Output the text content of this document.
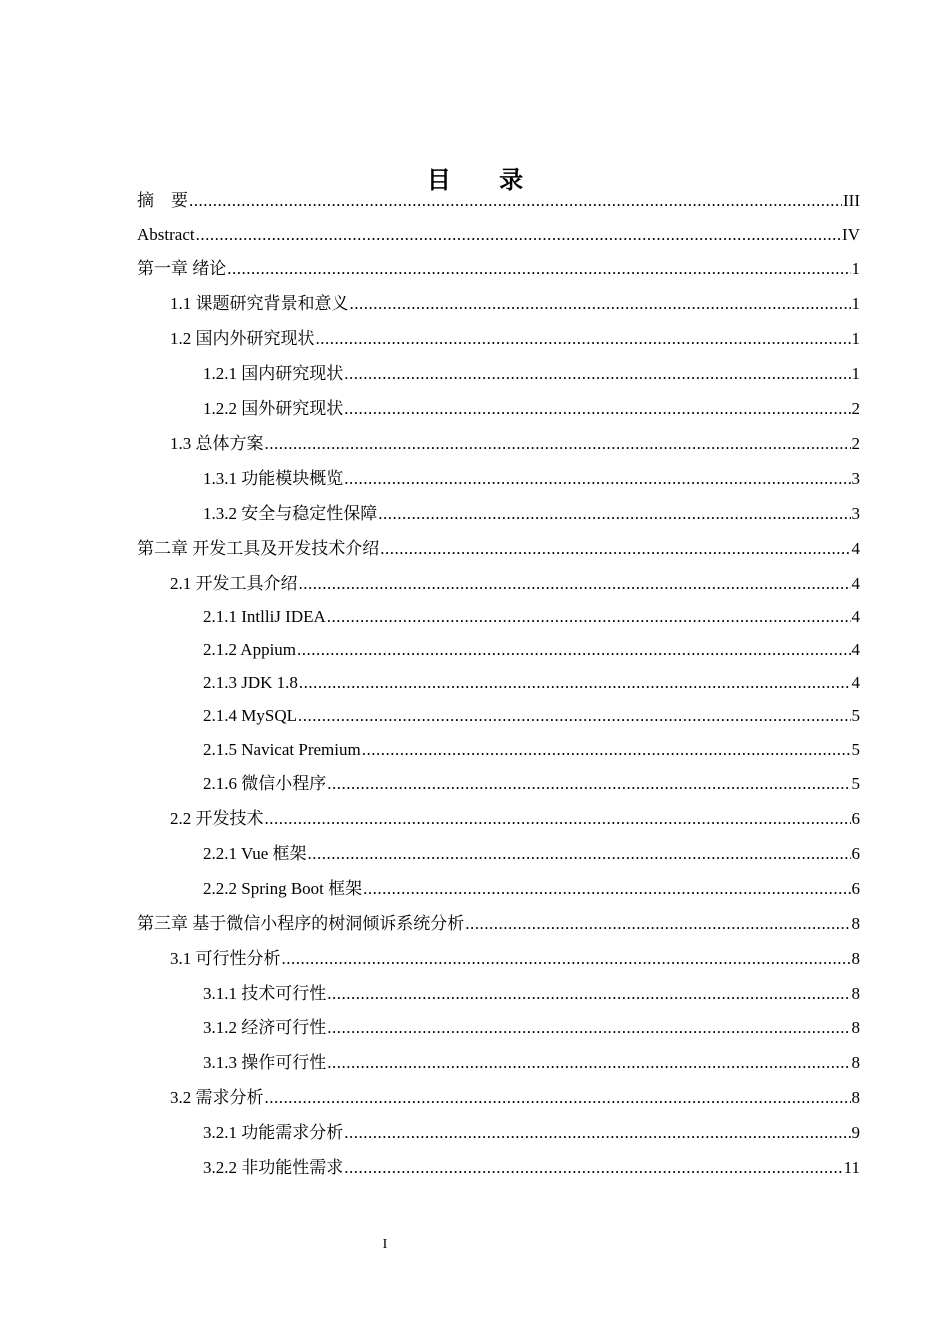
目 录
摘　要 .....	III
Abstract .....	IV
第一章 绪论 .....	1
1.1 课题研究背景和意义 .....	1
1.2 国内外研究现状 .....	1
1.2.1 国内研究现状 .....	1
1.2.2 国外研究现状 .....	2
1.3 总体方案 .....	2
1.3.1 功能模块概览 .....	3
1.3.2 安全与稳定性保障 .....	3
第二章 开发工具及开发技术介绍 .....	4
2.1 开发工具介绍 .....	4
2.1.1 IntlliJ IDEA .....	4
2.1.2 Appium .....	4
2.1.3 JDK 1.8 .....	4
2.1.4 MySQL .....	5
2.1.5 Navicat Premium .....	5
2.1.6 微信小程序 .....	5
2.2 开发技术 .....	6
2.2.1 Vue 框架 .....	6
2.2.2 Spring Boot 框架 .....	6
第三章 基于微信小程序的树洞倾诉系统分析 .....	8
3.1 可行性分析 .....	8
3.1.1 技术可行性 .....	8
3.1.2 经济可行性 .....	8
3.1.3 操作可行性 .....	8
3.2 需求分析 .....	8
3.2.1 功能需求分析 .....	9
3.2.2 非功能性需求 .....	11
I
